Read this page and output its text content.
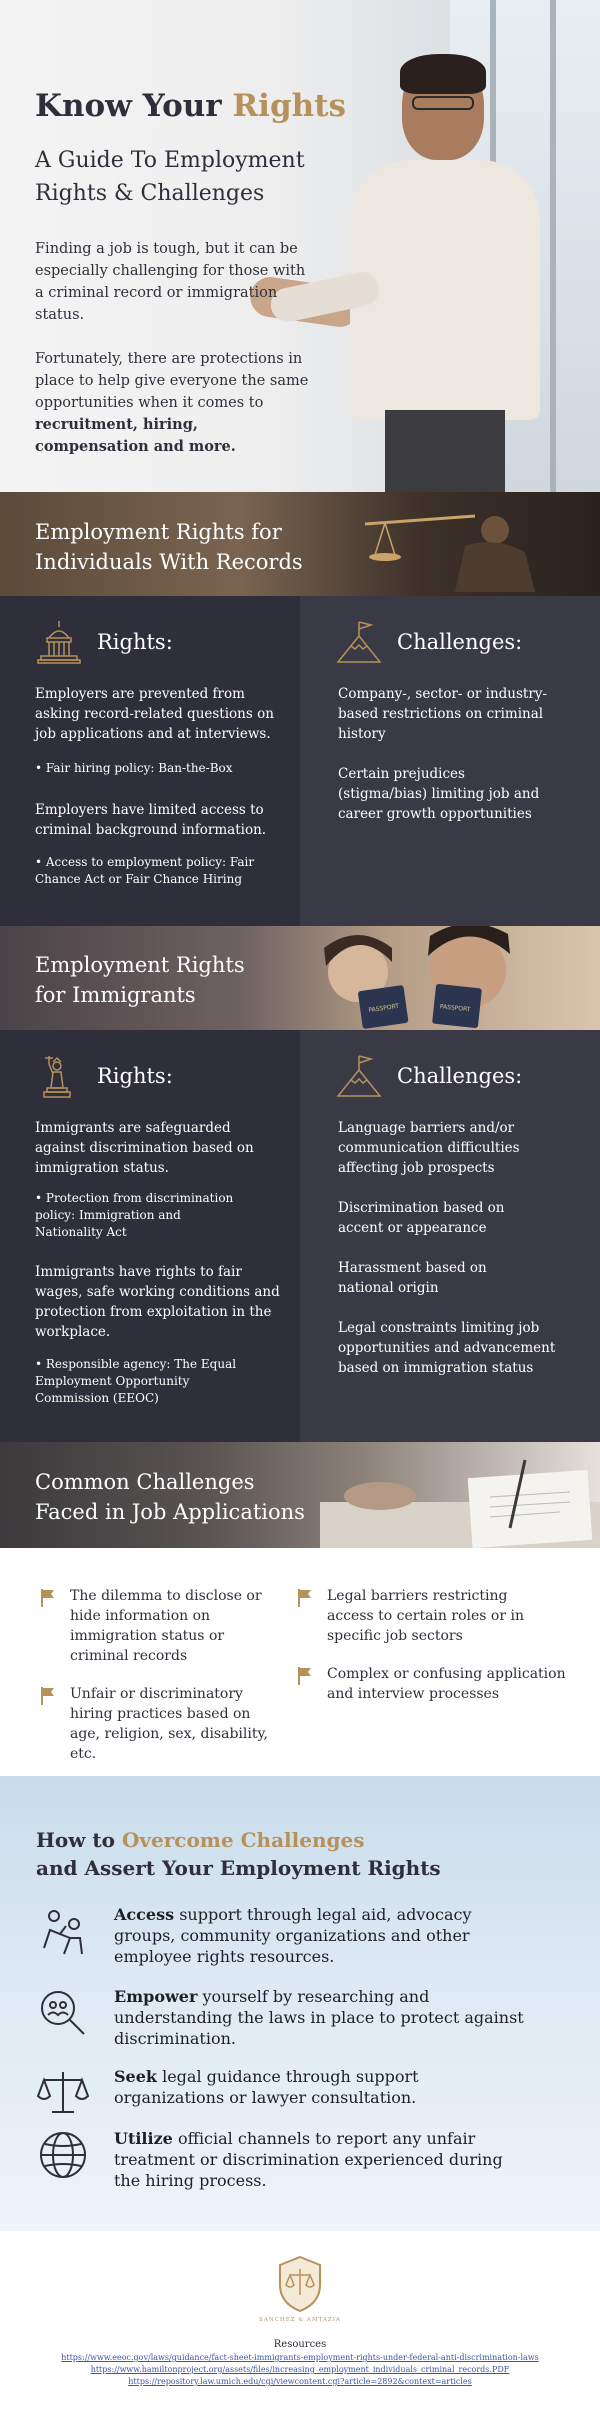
Know Your Rights
A Guide To Employment
Rights & Challenges

Finding a job is tough, but it can be especially challenging for those with a criminal record or immigration status.

Fortunately, there are protections in place to help give everyone the same opportunities when it comes to recruitment, hiring, compensation and more.

Employment Rights for
Individuals With Records
Rights:	Challenges:
Employers are prevented from asking record-related questions on job applications and at interviews.
• Fair hiring policy: Ban-the-Box
Employers have limited access to criminal background information.
• Access to employment policy: Fair Chance Act or Fair Chance Hiring
Company-, sector- or industry-based restrictions on criminal history
Certain prejudices (stigma/bias) limiting job and career growth opportunities
PASSPORT	PASSPORT
Employment Rights
for Immigrants
Rights:	Challenges:
Immigrants are safeguarded against discrimination based on immigration status.
• Protection from discrimination policy: Immigration and Nationality Act
Immigrants have rights to fair wages, safe working conditions and protection from exploitation in the workplace.
• Responsible agency: The Equal Employment Opportunity Commission (EEOC)
Language barriers and/or communication difficulties affecting job prospects
Discrimination based on accent or appearance
Harassment based on national origin
Legal constraints limiting job opportunities and advancement based on immigration status
Common Challenges
Faced in Job Applications
The dilemma to disclose or hide information on immigration status or criminal records
Unfair or discriminatory hiring practices based on age, religion, sex, disability, etc.
Legal barriers restricting access to certain roles or in specific job sectors
Complex or confusing application and interview processes
How to Overcome Challenges
and Assert Your Employment Rights
Access support through legal aid, advocacy groups, community organizations and other employee rights resources.
Empower yourself by researching and understanding the laws in place to protect against discrimination.
Seek legal guidance through support organizations or lawyer consultation.
Utilize official channels to report any unfair treatment or discrimination experienced during the hiring process.
SANCHEZ & AMTAZIA
Resources
https://www.eeoc.gov/laws/guidance/fact-sheet-immigrants-employment-rights-under-federal-anti-discrimination-laws
https://www.hamiltonproject.org/assets/files/increasing_employment_individuals_criminal_records.PDF
https://repository.law.umich.edu/cgi/viewcontent.cgi?article=2892&context=articles
